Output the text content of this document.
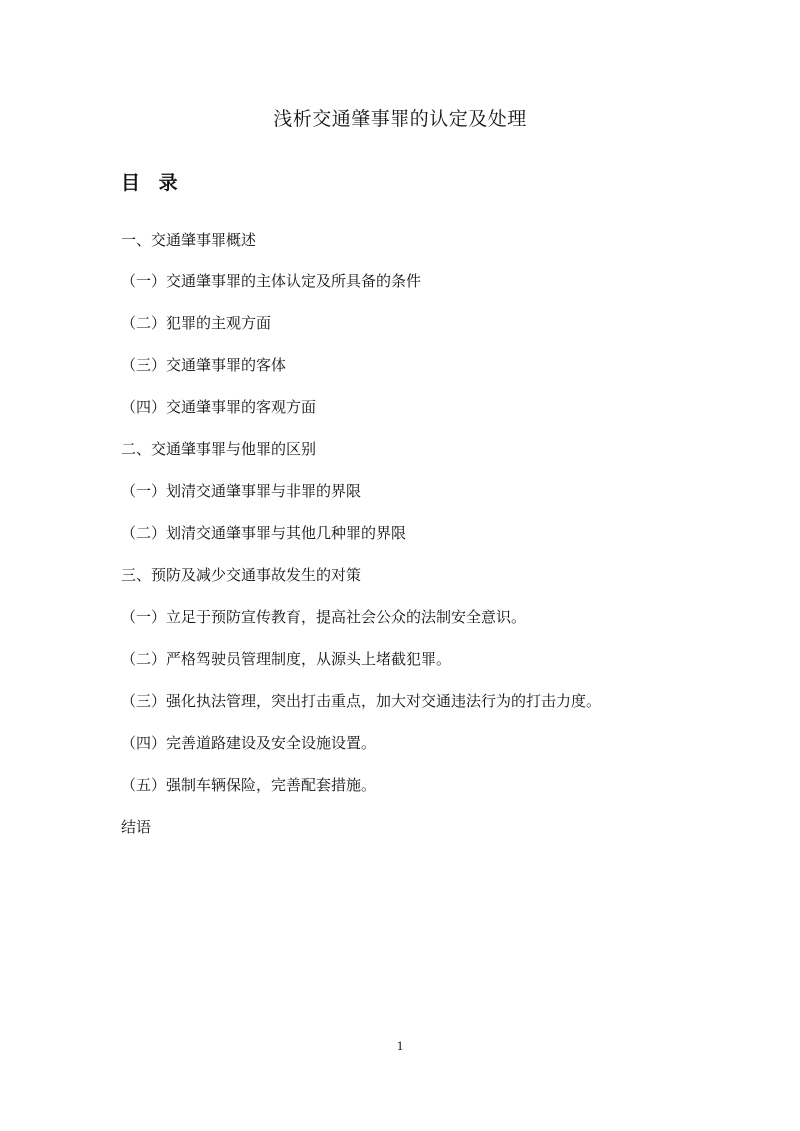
浅析交通肇事罪的认定及处理
目 录
一、交通肇事罪概述
（一）交通肇事罪的主体认定及所具备的条件
（二）犯罪的主观方面
（三）交通肇事罪的客体
（四）交通肇事罪的客观方面
二、交通肇事罪与他罪的区别
（一）划清交通肇事罪与非罪的界限
（二）划清交通肇事罪与其他几种罪的界限
三、预防及减少交通事故发生的对策
（一）立足于预防宣传教育，提高社会公众的法制安全意识。
（二）严格驾驶员管理制度，从源头上堵截犯罪。
（三）强化执法管理，突出打击重点，加大对交通违法行为的打击力度。
（四）完善道路建设及安全设施设置。
（五）强制车辆保险，完善配套措施。
结语
1
